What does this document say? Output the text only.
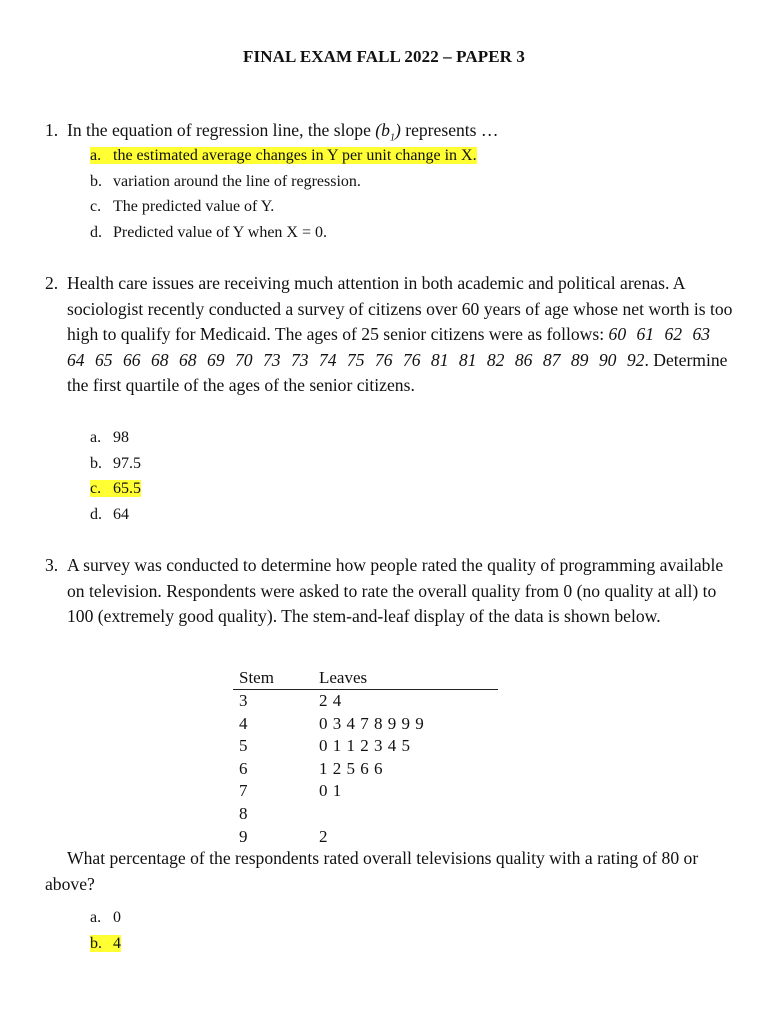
FINAL EXAM FALL 2022 – PAPER 3
1. In the equation of regression line, the slope $(b_1)$ represents …
a. the estimated average changes in Y per unit change in X.
b. variation around the line of regression.
c. The predicted value of Y.
d. Predicted value of Y when X = 0.
2. Health care issues are receiving much attention in both academic and political arenas. A sociologist recently conducted a survey of citizens over 60 years of age whose net worth is too high to qualify for Medicaid. The ages of 25 senior citizens were as follows: 60 61 62 63 64 65 66 68 68 69 70 73 73 74 75 76 76 81 81 82 86 87 89 90 92. Determine the first quartile of the ages of the senior citizens.
a. 98
b. 97.5
c. 65.5
d. 64
3. A survey was conducted to determine how people rated the quality of programming available on television. Respondents were asked to rate the overall quality from 0 (no quality at all) to 100 (extremely good quality). The stem-and-leaf display of the data is shown below.
Stem	Leaves
3	2 4
4	0 3 4 7 8 9 9 9
5	0 1 1 2 3 4 5
6	1 2 5 6 6
7	0 1
8	
9	2
What percentage of the respondents rated overall televisions quality with a rating of 80 or above?
a. 0
b. 4
